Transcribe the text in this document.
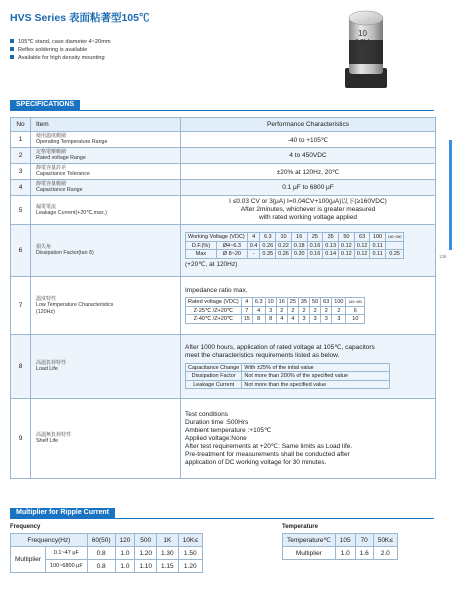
HVS Series 表面粘著型105℃
105℃ stand, case diameter 4~20mm
Reflex soldering is available
Available for high density mounting
10
16V
SPECIFICATIONS
No	Item	Performance Characteristics
1	使用溫度範圍
Operating Temperature Range	-40 to +105℃
2	定格電壓範圍
Rated voltage Range	4 to 450VDC
3	靜電容量許差
Capacitance Tolerance	±20% at 120Hz, 20℃
4	靜電容量範圍
Capacitance Range	0.1 μF to 6800 μF
5	漏電電流
Leakage Current(+20℃,max.)

I ≤0.03 CV or 3(μA) I=0.04CV+100(μA)以下(≥160VDC)
After 2minutes, whichever is greater measured
with rated working voltage applied

6	損失角
Dissipation Factor(tan δ)

Working Voltage (VDC)	4	6.3	10	16	25	35	50	63	100	160~450
D.F.(%)	Ø4~6.3	0.4	0.26	0.22	0.18	0.16	0.13	0.12	0.12	0.11	
Max	Ø 8~20	-	0.35	0.26	0.20	0.16	0.14	0.12	0.12	0.11	0.25
(+20℃, at 120Hz)

7	
溫度特性
Low Temperature Characteristics
(120Hz)

Impedance ratio max.
Rated voltage (VDC)	4	6.3	10	16	25	35	50	63	100	160~450
Z-25℃ /Z+20℃	7	4	3	2	2	2	2	2	2	6
Z-40℃ /Z+20℃	15	8	8	4	4	3	3	3	3	10

8	高溫負荷特性
Load Life

After 1000 hours, application of rated voltage at 105℃, capacitors
meet the characteristics requirements listed as below.
Capacitance Change	With ±25% of the intial value
Dissipation Factor	Not more than 200% of the specified value
Leakage Current	Not more than the specified value

9	高溫無負荷特性
Shelf Life

Test conditions
Duration time :500Hrs
Ambient temperature :+105℃
Applied voltage:None
After test requirements at +20℃: Same limits as Load life.
Pre-treatment for measurements shall be conducted after
application of DC working voltage for 30 minutes.
136
Multiplier for Ripple Current
Frequency	Temperature
Frequency(Hz)		60(50)	120	500	1K	10K≤
Multiplier	0.1~47 μF	0.8	1.0	1.20	1.30	1.50
	100~6800 μF	0.8	1.0	1.10	1.15	1.20
Temperature℃	105	70	50K≤
Multiplier	1.0	1.6	2.0
